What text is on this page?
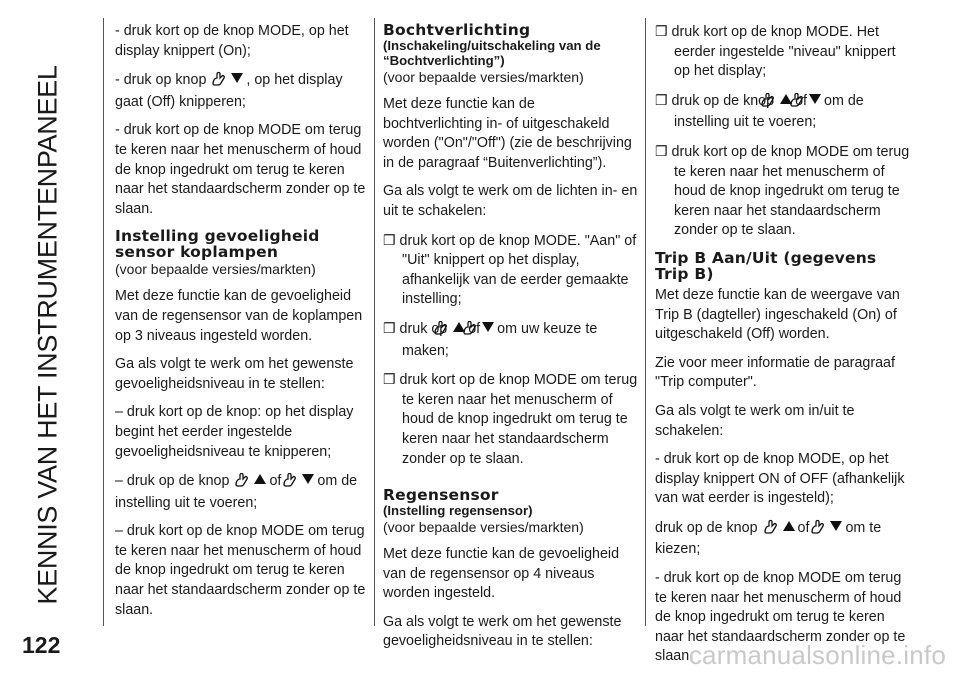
KENNIS VAN HET INSTRUMENTENPANEEL
122

- druk kort op de knop MODE, op het display knippert (On);

- druk op knop	, op het display gaat (Off) knipperen;

- druk kort op de knop MODE om terug te keren naar het menuscherm of houd de knop ingedrukt om terug te keren naar het standaardscherm zonder op te slaan.

Instelling gevoeligheid sensor koplampen

(voor bepaalde versies/markten)

Met deze functie kan de gevoeligheid van de regensensor van de koplampen op 3 niveaus ingesteld worden.

Ga als volgt te werk om het gewenste gevoeligheidsniveau in te stellen:

– druk kort op de knop: op het display begint het eerder ingestelde gevoeligheidsniveau te knipperen;

– druk op de knop	of	om de instelling uit te voeren;

– druk kort op de knop MODE om terug te keren naar het menuscherm of houd de knop ingedrukt om terug te keren naar het standaardscherm zonder op te slaan.

Bochtverlichting

(Inschakeling/uitschakeling van de “Bochtverlichting”)

(voor bepaalde versies/markten)

Met deze functie kan de bochtverlichting in- of uitgeschakeld worden ("On"/"Off") (zie de beschrijving in de paragraaf “Buitenverlichting”).

Ga als volgt te werk om de lichten in- en uit te schakelen:

❒ druk kort op de knop MODE. "Aan" of "Uit" knippert op het display, afhankelijk van de eerder gemaakte instelling;

❒ druk op of om uw keuze te maken;

❒ druk kort op de knop MODE om terug te keren naar het menuscherm of houd de knop ingedrukt om terug te keren naar het standaardscherm zonder op te slaan.

Regensensor

(Instelling regensensor)

(voor bepaalde versies/markten)

Met deze functie kan de gevoeligheid van de regensensor op 4 niveaus worden ingesteld.

Ga als volgt te werk om het gewenste gevoeligheidsniveau in te stellen:

❒ druk kort op de knop MODE. Het eerder ingestelde "niveau" knippert op het display;

❒ druk op de knop of om de instelling uit te voeren;

❒ druk kort op de knop MODE om terug te keren naar het menuscherm of houd de knop ingedrukt om terug te keren naar het standaardscherm zonder op te slaan.

Trip B Aan/Uit (gegevens Trip B)

Met deze functie kan de weergave van Trip B (dagteller) ingeschakeld (On) of uitgeschakeld (Off) worden.

Zie voor meer informatie de paragraaf "Trip computer".

Ga als volgt te werk om in/uit te schakelen:

- druk kort op de knop MODE, op het display knippert ON of OFF (afhankelijk van wat eerder is ingesteld);

druk op de knop	of	om te kiezen;

- druk kort op de knop MODE om terug te keren naar het menuscherm of houd de knop ingedrukt om terug te keren naar het standaardscherm zonder op te slaan.

carmanualsonline.info
